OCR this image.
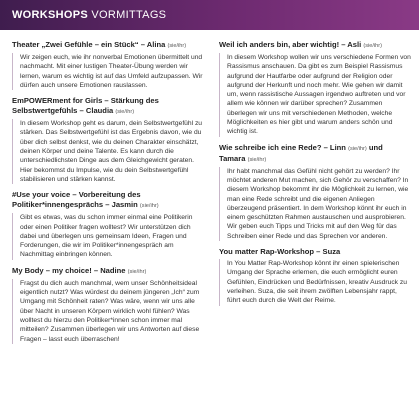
WORKSHOPS VORMITTAGS
Theater „Zwei Gefühle – ein Stück“ – Alina (sie/ihr)
Wir zeigen euch, wie ihr nonverbal Emotionen übermittelt und nachmacht. Mit einer lustigen Theater-Übung werden wir lernen, warum es wichtig ist auf das Umfeld aufzupassen. Wir dürfen auch unsere Emotionen rauslassen.
EmPOWERment for Girls – Stärkung des Selbstwertgefühls – Claudia (sie/ihr)
In diesem Workshop geht es darum, dein Selbstwertgefühl zu stärken. Das Selbstwertgefühl ist das Ergebnis davon, wie du über dich selbst denkst, wie du deinen Charakter einschätzt, deinen Körper und deine Talente. Es kann durch die unterschiedlichsten Dinge aus dem Gleichgewicht geraten. Hier bekommst du Impulse, wie du dein Selbstwertgefühl stabilisieren und stärken kannst.
#Use your voice – Vorbereitung des Politiker*innengesprächs – Jasmin (sie/ihr)
Gibt es etwas, was du schon immer einmal eine Politikerin oder einen Politiker fragen wolltest? Wir unterstützen dich dabei und überlegen uns gemeinsam Ideen, Fragen und Forderungen, die wir im Politiker*innengespräch am Nachmittag einbringen können.
My Body – my choice! – Nadine (sie/ihr)
Fragst du dich auch manchmal, wem unser Schönheitsideal eigentlich nutzt? Was würdest du deinem jüngeren „Ich“ zum Umgang mit Schönheit raten? Was wäre, wenn wir uns alle über Nacht in unseren Körpern wirklich wohl fühlen? Was wolltest du hierzu den Politiker*innen schon immer mal mitteilen? Zusammen überlegen wir uns Antworten auf diese Fragen – lasst euch überraschen!
Weil ich anders bin, aber wichtig! – Asli (sie/ihr)
In diesem Workshop wollen wir uns verschiedene Formen von Rassismus anschauen. Da gibt es zum Beispiel Rassismus aufgrund der Hautfarbe oder aufgrund der Religion oder aufgrund der Herkunft und noch mehr. Wie gehen wir damit um, wenn rassistische Aussagen irgendwo auftreten und vor allem wie können wir darüber sprechen? Zusammen überlegen wir uns mit verschiedenen Methoden, welche Möglichkeiten es hier gibt und warum anders schön und wichtig ist.
Wie schreibe ich eine Rede? – Linn (sie/ihr) und Tamara (sie/ihr)
Ihr habt manchmal das Gefühl nicht gehört zu werden? Ihr möchtet anderen Mut machen, sich Gehör zu verschaffen? In diesem Workshop bekommt ihr die Möglichkeit zu lernen, wie man eine Rede schreibt und die eigenen Anliegen überzeugend präsentiert. In dem Workshop könnt ihr euch in einem geschützten Rahmen austauschen und ausprobieren. Wir geben euch Tipps und Tricks mit auf den Weg für das Schreiben einer Rede und das Sprechen vor anderen.
You matter Rap-Workshop – Suza
In You Matter Rap-Workshop könnt ihr einen spielerischen Umgang der Sprache erlernen, die euch ermöglicht euren Gefühlen, Eindrücken und Bedürfnissen, kreativ Ausdruck zu verleihen. Suza, die seit ihrem zwölften Lebensjahr rappt, führt euch durch die Welt der Reime.
